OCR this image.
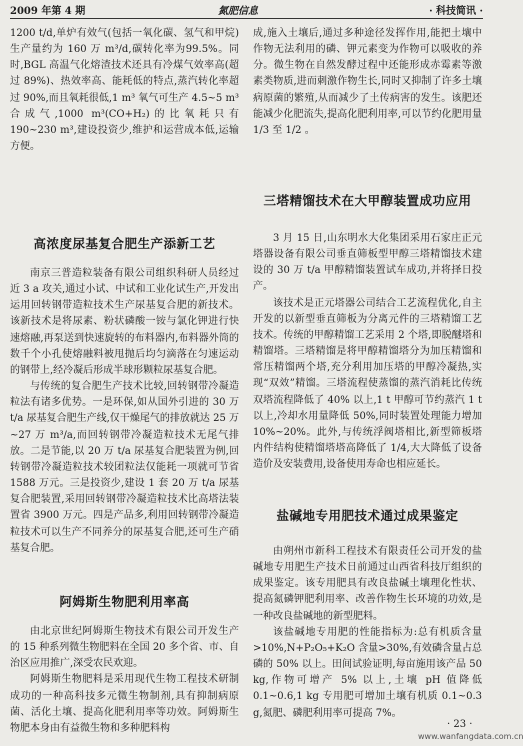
2009 年第 4 期	氮肥信息	· 科技简讯 ·

1200 t/d,单炉有效气(包括一氧化碳、氢气和甲烷)生产量约为 160 万 m³/d,碳转化率为99.5%。同时,BGL 高温气化熔渣技术还具有冷煤气效率高(超过 89%)、热效率高、能耗低的特点,蒸汽转化率超过 90%,而且氧耗很低,1 m³ 氧气可生产 4.5~5 m³ 合成气,1000 m³(CO+H₂)的比氧耗只有 190~230 m³,建设投资少,维护和运营成本低,运输方便。

高浓度尿基复合肥生产添新工艺

南京三普造粒装备有限公司组织科研人员经过近 3 a 攻关,通过小试、中试和工业化试生产,开发出运用回转钢带造粒技术生产尿基复合肥的新技术。该新技术是将尿素、粉状磷酸一铵与氯化钾进行快速熔融,再泵送到快速旋转的布料器内,布料器外筒的数千个小孔使熔融料被甩抛后均匀滴落在匀速运动的钢带上,经冷凝后形成半球形颗粒尿基复合肥。

与传统的复合肥生产技术比较,回转钢带冷凝造粒法有诸多优势。一是环保,如从国外引进的 30 万 t/a 尿基复合肥生产线,仅干燥尾气的排放就达 25 万~27 万 m³/a,而回转钢带冷凝造粒技术无尾气排放。二是节能,以 20 万 t/a 尿基复合肥装置为例,回转钢带冷凝造粒技术较团粒法仅能耗一项就可节省 1588 万元。三是投资少,建设 1 套 20 万 t/a 尿基复合肥装置,采用回转钢带冷凝造粒技术比高塔法装置省 3900 万元。四是产品多,利用回转钢带冷凝造粒技术可以生产不同养分的尿基复合肥,还可生产硝基复合肥。

阿姆斯生物肥利用率高

由北京世纪阿姆斯生物技术有限公司开发生产的 15 种系列微生物肥料在全国 20 多个省、市、自治区应用推广,深受农民欢迎。

阿姆斯生物肥料是采用现代生物工程技术研制成功的一种高科技多元微生物制剂,具有抑制病原菌、活化土壤、提高化肥利用率等功效。阿姆斯生物肥本身由有益微生物和多种肥料构

成,施入土壤后,通过多种途径发挥作用,能把土壤中作物无法利用的磷、钾元素变为作物可以吸收的养分。微生物在自然发酵过程中还能形成赤霉素等激素类物质,进而刺激作物生长,同时又抑制了许多土壤病原菌的繁殖,从而减少了土传病害的发生。该肥还能减少化肥流失,提高化肥利用率,可以节约化肥用量 1/3 至 1/2 。

三塔精馏技术在大甲醇装置成功应用

3 月 15 日,山东明水大化集团采用石家庄正元塔器设备有限公司垂直筛板型甲醇三塔精馏技术建设的 30 万 t/a 甲醇精馏装置试车成功,并将择日投产。

该技术是正元塔器公司结合工艺流程优化,自主开发的以新型垂直筛板为分离元件的三塔精馏工艺技术。传统的甲醇精馏工艺采用 2 个塔,即脱醚塔和精馏塔。三塔精馏是将甲醇精馏塔分为加压精馏和常压精馏两个塔,充分利用加压塔的甲醇冷凝热,实现“双效”精馏。三塔流程使蒸馏的蒸汽消耗比传统双塔流程降低了 40% 以上,1 t 甲醇可节约蒸汽 1 t 以上,冷却水用量降低 50%,同时装置处理能力增加 10%~20%。此外,与传统浮阀塔相比,新型筛板塔内件结构使精馏塔塔高降低了 1/4,大大降低了设备造价及安装费用,设备使用寿命也相应延长。

盐碱地专用肥技术通过成果鉴定

由朔州市新科工程技术有限责任公司开发的盐碱地专用肥生产技术日前通过山西省科技厅组织的成果鉴定。该专用肥具有改良盐碱土壤理化性状、提高氮磷钾肥利用率、改善作物生长环境的功效,是一种改良盐碱地的新型肥料。

该盐碱地专用肥的性能指标为:总有机质含量>10%,N+P₂O₅+K₂O 含量>30%,有效磷含量占总磷的 50% 以上。田间试验证明,每亩施用该产品 50 kg,作物可增产 5% 以上,土壤 pH 值降低 0.1~0.6,1 kg 专用肥可增加土壤有机质 0.1~0.3 g,氮肥、磷肥利用率可提高 7%。

· 23 ·
www.wanfangdata.com.cn
